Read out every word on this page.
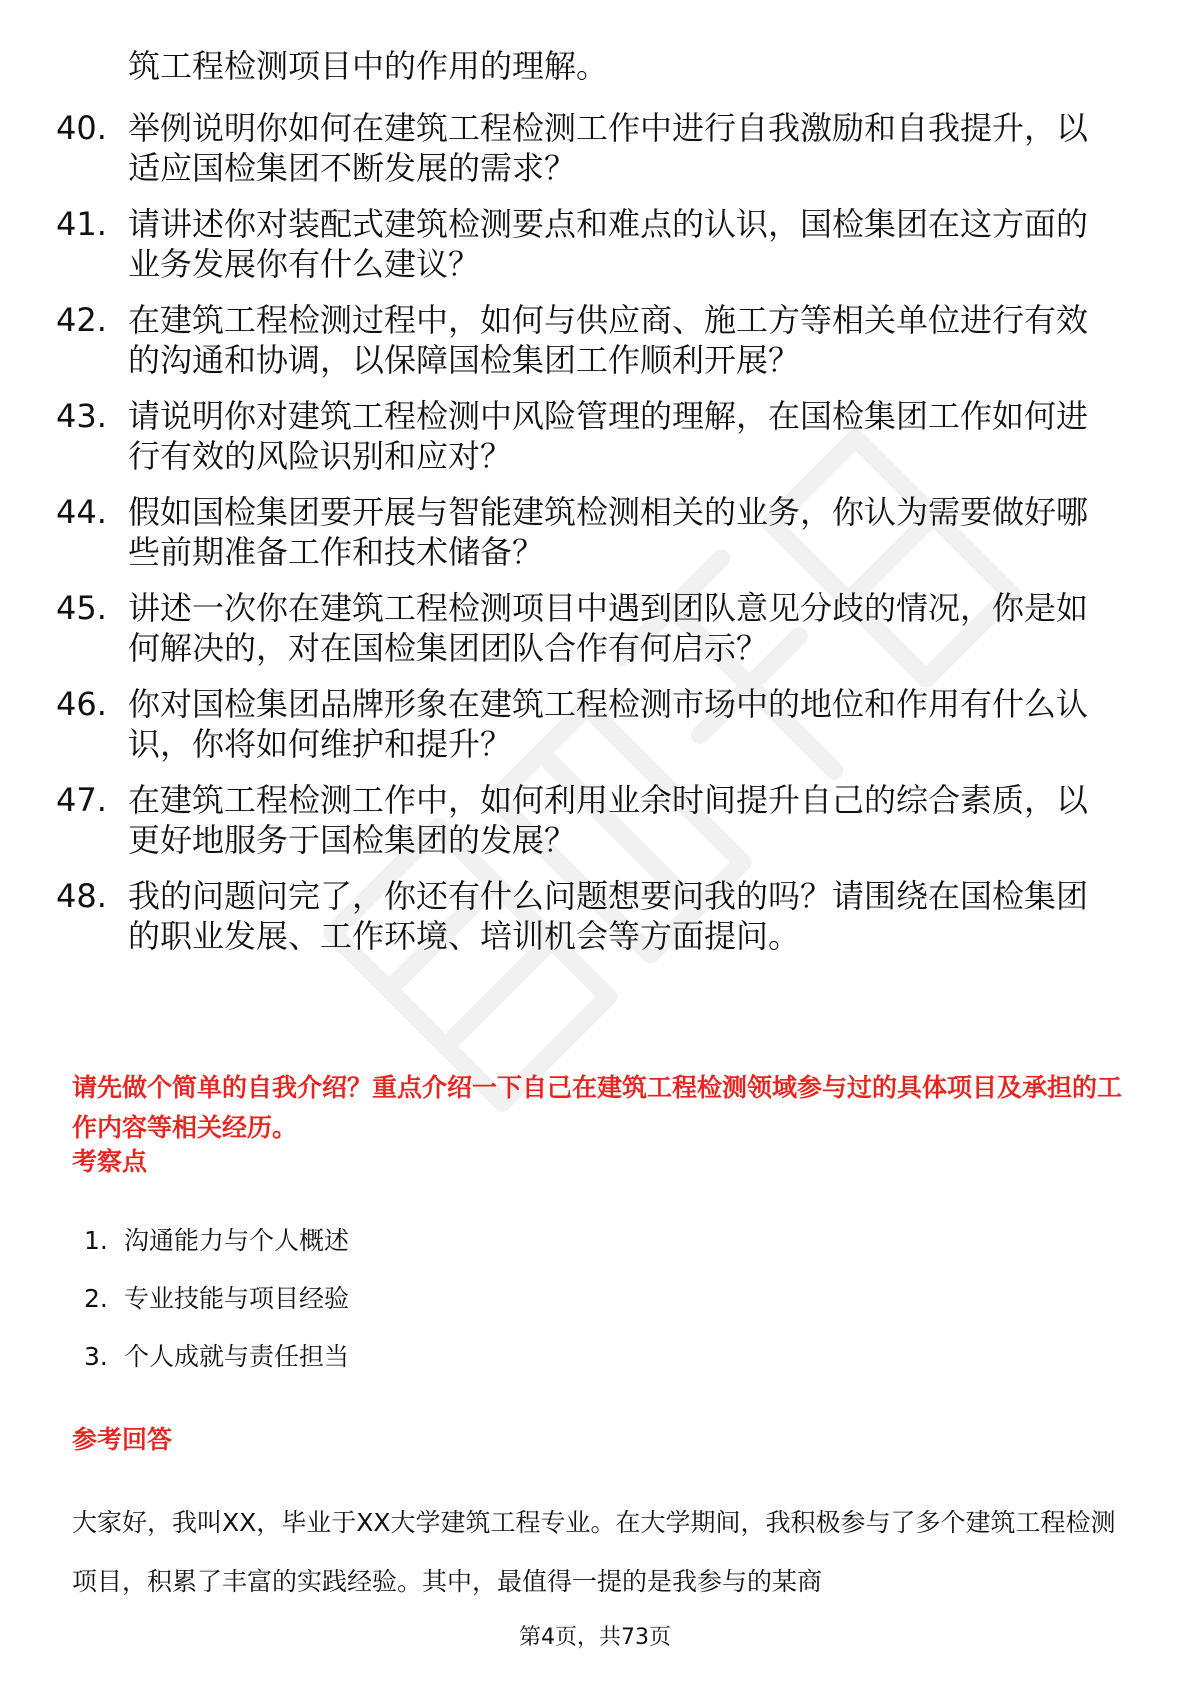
筑工程检测项目中的作用的理解。
40. 举例说明你如何在建筑工程检测工作中进行自我激励和自我提升，以适应国检集团不断发展的需求？
41. 请讲述你对装配式建筑检测要点和难点的认识，国检集团在这方面的业务发展你有什么建议？
42. 在建筑工程检测过程中，如何与供应商、施工方等相关单位进行有效的沟通和协调，以保障国检集团工作顺利开展？
43. 请说明你对建筑工程检测中风险管理的理解，在国检集团工作如何进行有效的风险识别和应对？
44. 假如国检集团要开展与智能建筑检测相关的业务，你认为需要做好哪些前期准备工作和技术储备？
45. 讲述一次你在建筑工程检测项目中遇到团队意见分歧的情况，你是如何解决的，对在国检集团团队合作有何启示？
46. 你对国检集团品牌形象在建筑工程检测市场中的地位和作用有什么认识，你将如何维护和提升？
47. 在建筑工程检测工作中，如何利用业余时间提升自己的综合素质，以更好地服务于国检集团的发展？
48. 我的问题问完了，你还有什么问题想要问我的吗？请围绕在国检集团的职业发展、工作环境、培训机会等方面提问。
请先做个简单的自我介绍？重点介绍一下自己在建筑工程检测领域参与过的具体项目及承担的工作内容等相关经历。
考察点
1. 沟通能力与个人概述
2. 专业技能与项目经验
3. 个人成就与责任担当
参考回答
大家好，我叫XX，毕业于XX大学建筑工程专业。在大学期间，我积极参与了多个建筑工程检测项目，积累了丰富的实践经验。其中，最值得一提的是我参与的某商
第4页，共73页
